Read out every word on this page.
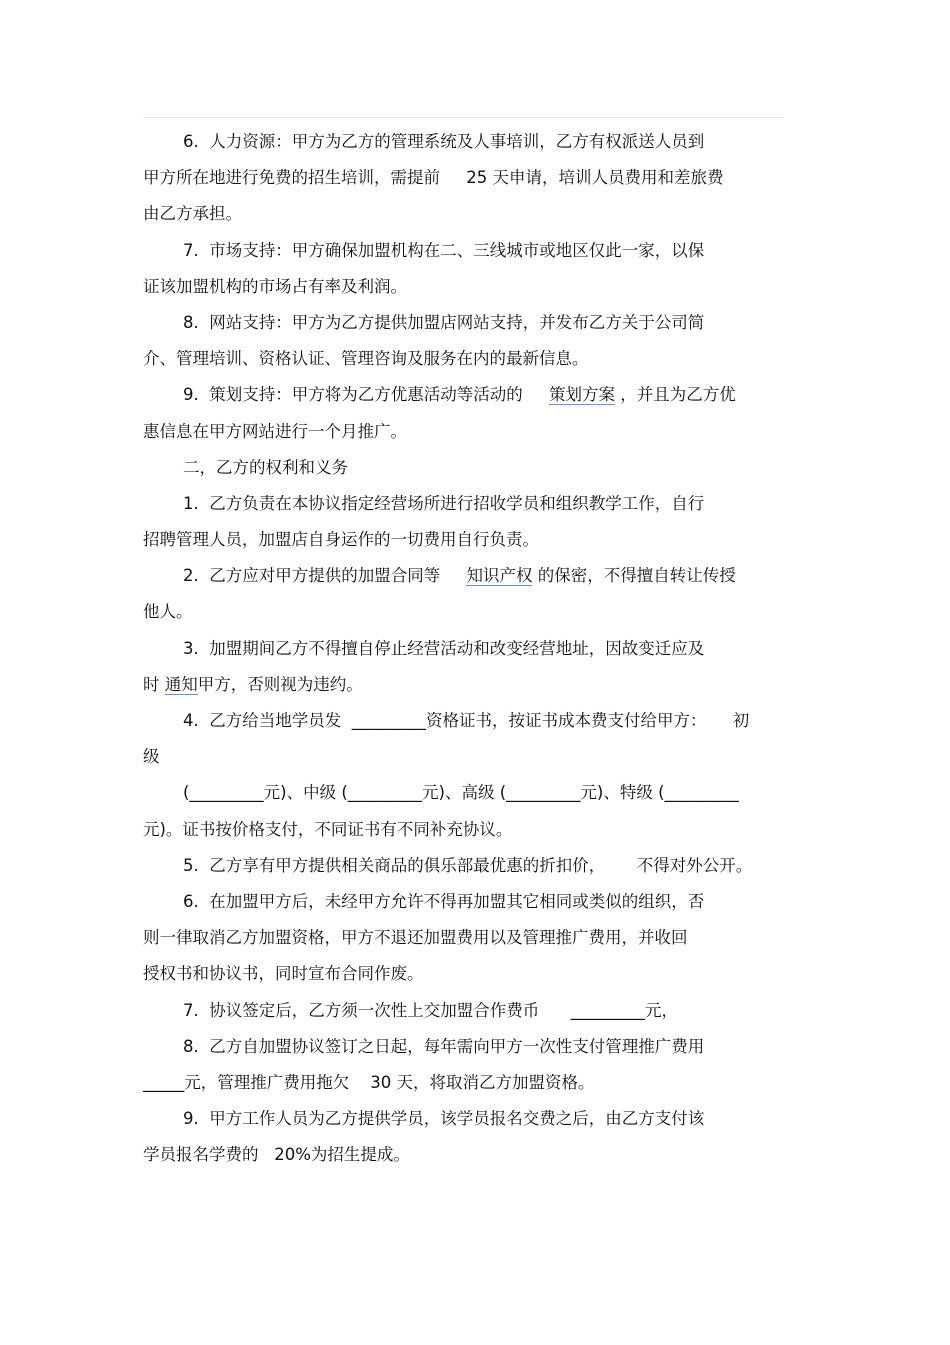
6.  人力资源：甲方为乙方的管理系统及人事培训，乙方有权派送人员到
甲方所在地进行免费的招生培训，需提前     25 天申请，培训人员费用和差旅费
由乙方承担。
7.  市场支持：甲方确保加盟机构在二、三线城市或地区仅此一家，以保
证该加盟机构的市场占有率及利润。
8.  网站支持：甲方为乙方提供加盟店网站支持，并发布乙方关于公司简
介、管理培训、资格认证、管理咨询及服务在内的最新信息。
9.  策划支持：甲方将为乙方优惠活动等活动的     策划方案 ，并且为乙方优
惠信息在甲方网站进行一个月推广。
二，乙方的权利和义务
1.  乙方负责在本协议指定经营场所进行招收学员和组织教学工作，自行
招聘管理人员，加盟店自身运作的一切费用自行负责。
2.  乙方应对甲方提供的加盟合同等     知识产权 的保密，不得擅自转让传授
他人。
3.  加盟期间乙方不得擅自停止经营活动和改变经营地址，因故变迁应及
时 通知甲方，否则视为违约。
4.  乙方给当地学员发  _________资格证书，按证书成本费支付给甲方：     初
级
(_________元)、中级 (_________元)、高级 (_________元)、特级 (_________
元)。证书按价格支付，不同证书有不同补充协议。
5.  乙方享有甲方提供相关商品的俱乐部最优惠的折扣价，      不得对外公开。
6.  在加盟甲方后，未经甲方允许不得再加盟其它相同或类似的组织，否
则一律取消乙方加盟资格，甲方不退还加盟费用以及管理推广费用，并收回
授权书和协议书，同时宣布合同作废。
7.  协议签定后，乙方须一次性上交加盟合作费币      _________元，
8.  乙方自加盟协议签订之日起，每年需向甲方一次性支付管理推广费用
_____元，管理推广费用拖欠    30 天，将取消乙方加盟资格。
9.  甲方工作人员为乙方提供学员，该学员报名交费之后，由乙方支付该
学员报名学费的   20%为招生提成。
